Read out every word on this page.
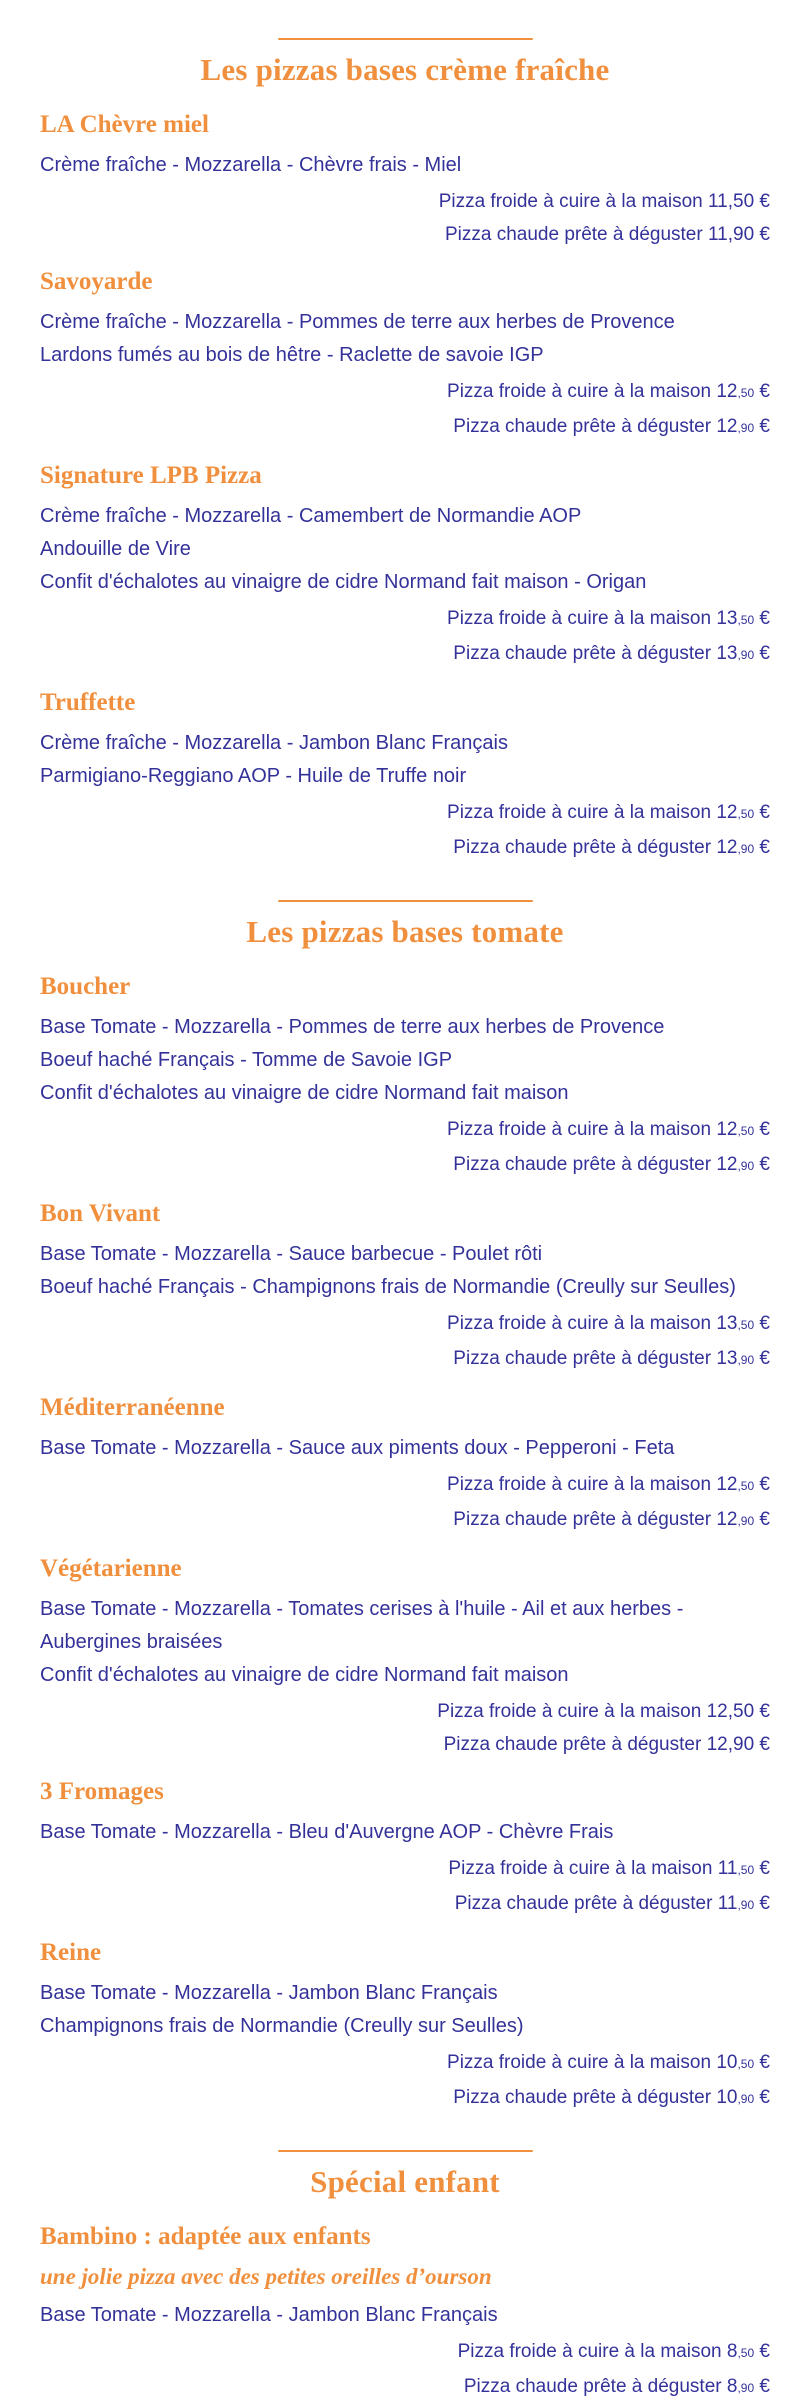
Les pizzas bases crème fraîche
LA Chèvre miel
Crème fraîche - Mozzarella - Chèvre frais - Miel
Pizza froide à cuire à la maison 11,50 €
Pizza chaude prête à déguster 11,90 €
Savoyarde
Crème fraîche - Mozzarella - Pommes de terre aux herbes de Provence
Lardons fumés au bois de hêtre - Raclette de savoie IGP
Pizza froide à cuire à la maison 12,50 €
Pizza chaude prête à déguster 12,90 €
Signature LPB Pizza
Crème fraîche - Mozzarella - Camembert de Normandie AOP
Andouille de Vire
Confit d'échalotes au vinaigre de cidre Normand fait maison - Origan
Pizza froide à cuire à la maison 13,50 €
Pizza chaude prête à déguster 13,90 €
Truffette
Crème fraîche - Mozzarella - Jambon Blanc Français
Parmigiano-Reggiano AOP - Huile de Truffe noir
Pizza froide à cuire à la maison 12,50 €
Pizza chaude prête à déguster 12,90 €
Les pizzas bases tomate
Boucher
Base Tomate - Mozzarella - Pommes de terre aux herbes de Provence
Boeuf haché Français - Tomme de Savoie IGP
Confit d'échalotes au vinaigre de cidre Normand fait maison
Pizza froide à cuire à la maison 12,50 €
Pizza chaude prête à déguster 12,90 €
Bon Vivant
Base Tomate - Mozzarella - Sauce barbecue - Poulet rôti
Boeuf haché Français - Champignons frais de Normandie (Creully sur Seulles)
Pizza froide à cuire à la maison 13,50 €
Pizza chaude prête à déguster 13,90 €
Méditerranéenne
Base Tomate - Mozzarella - Sauce aux piments doux - Pepperoni - Feta
Pizza froide à cuire à la maison 12,50 €
Pizza chaude prête à déguster 12,90 €
Végétarienne
Base Tomate - Mozzarella - Tomates cerises à l'huile - Ail et aux herbes -
Aubergines braisées
Confit d'échalotes au vinaigre de cidre Normand fait maison
Pizza froide à cuire à la maison 12,50 €
Pizza chaude prête à déguster 12,90 €
3 Fromages
Base Tomate - Mozzarella - Bleu d'Auvergne AOP - Chèvre Frais
Pizza froide à cuire à la maison 11,50 €
Pizza chaude prête à déguster 11,90 €
Reine
Base Tomate - Mozzarella - Jambon Blanc Français
Champignons frais de Normandie (Creully sur Seulles)
Pizza froide à cuire à la maison 10,50 €
Pizza chaude prête à déguster 10,90 €
Spécial enfant
Bambino : adaptée aux enfants

une jolie pizza avec des petites oreilles d’ourson

Base Tomate - Mozzarella - Jambon Blanc Français
Pizza froide à cuire à la maison 8,50 €
Pizza chaude prête à déguster 8,90 €
